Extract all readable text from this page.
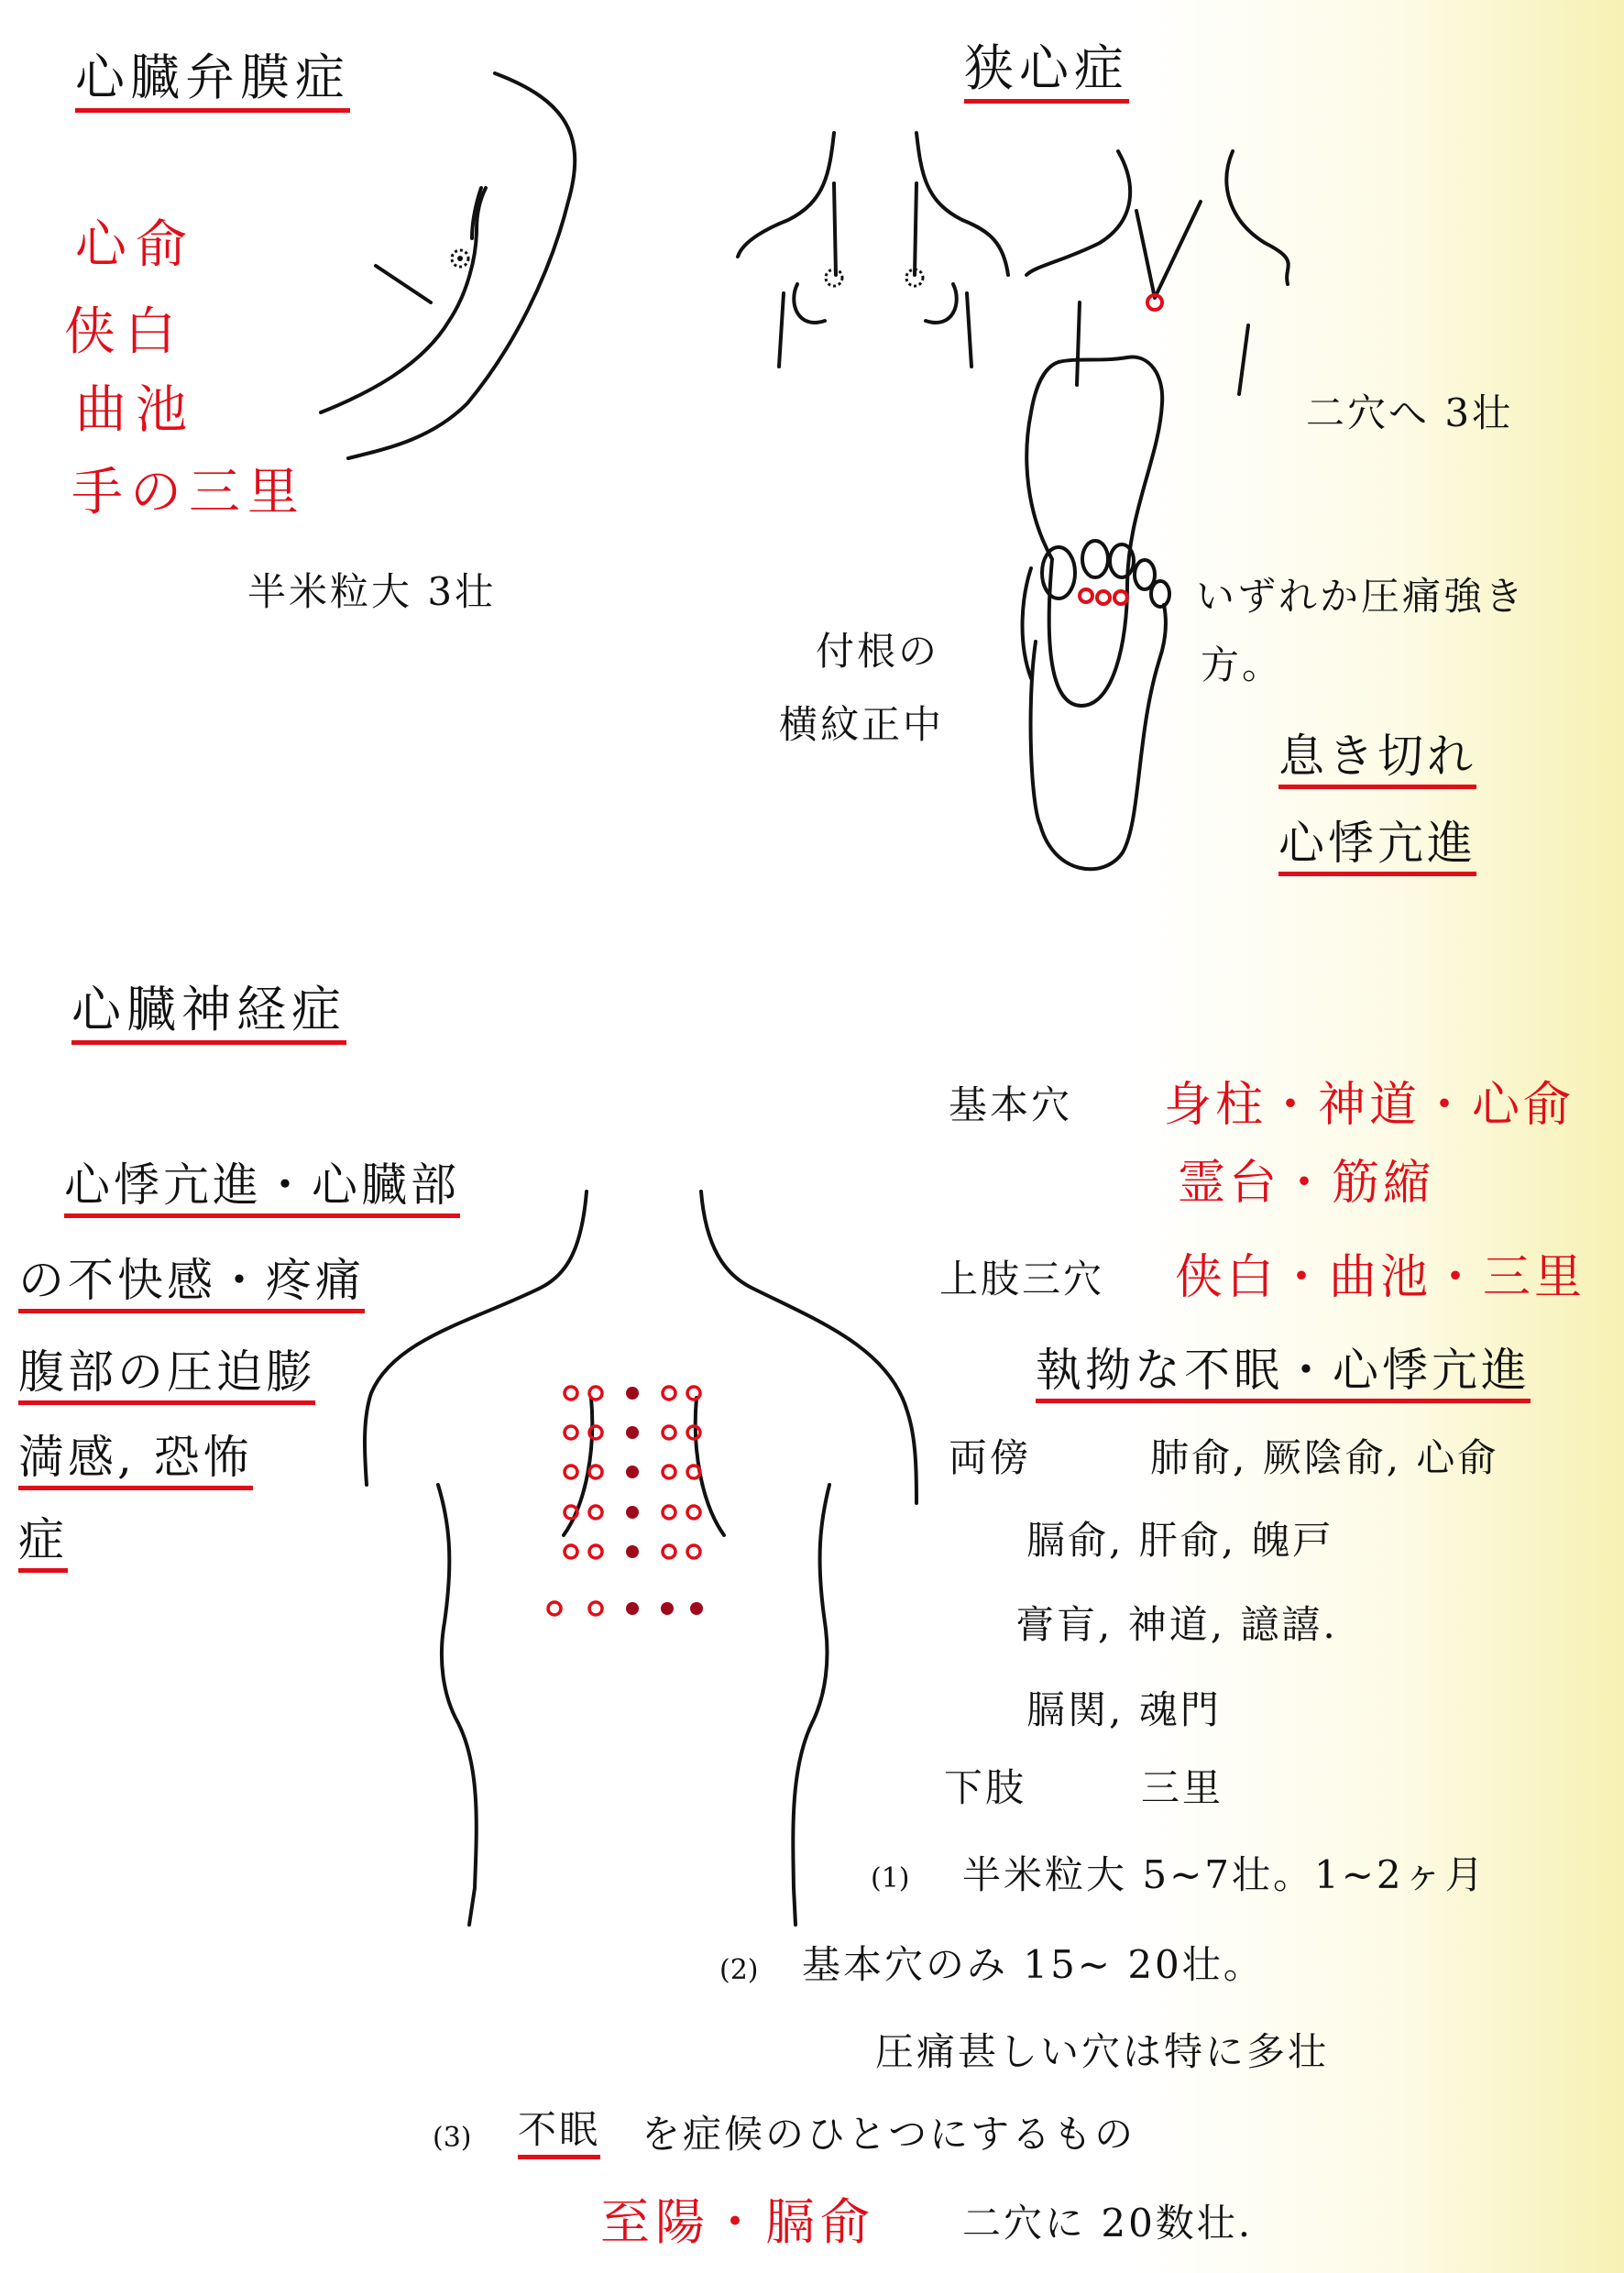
心臓弁膜症
心俞
侠白
曲池
手の三里
半米粒大 3壮
狭心症
二穴へ 3壮
付根の
横紋正中
いずれか圧痛強き
方。
息き切れ
心悸亢進
心臓神経症
心悸亢進・心臓部
の不快感・疼痛
腹部の圧迫膨
満感, 恐怖
症
基本穴 身柱・神道・心俞
霊台・筋縮
上肢三穴 侠白・曲池・三里
執拗な不眠・心悸亢進
両傍	肺俞, 厥陰俞, 心俞
膈俞, 肝俞, 魄戸
膏肓, 神道, 譩譆.
膈関, 魂門
下肢	三里
(1) 半米粒大 5~7壮。1~2ヶ月
(2) 基本穴のみ 15~ 20壮。
圧痛甚しい穴は特に多壮
(3) 不眠 を症候のひとつにするもの
至陽・膈俞 二穴に 20数壮.
